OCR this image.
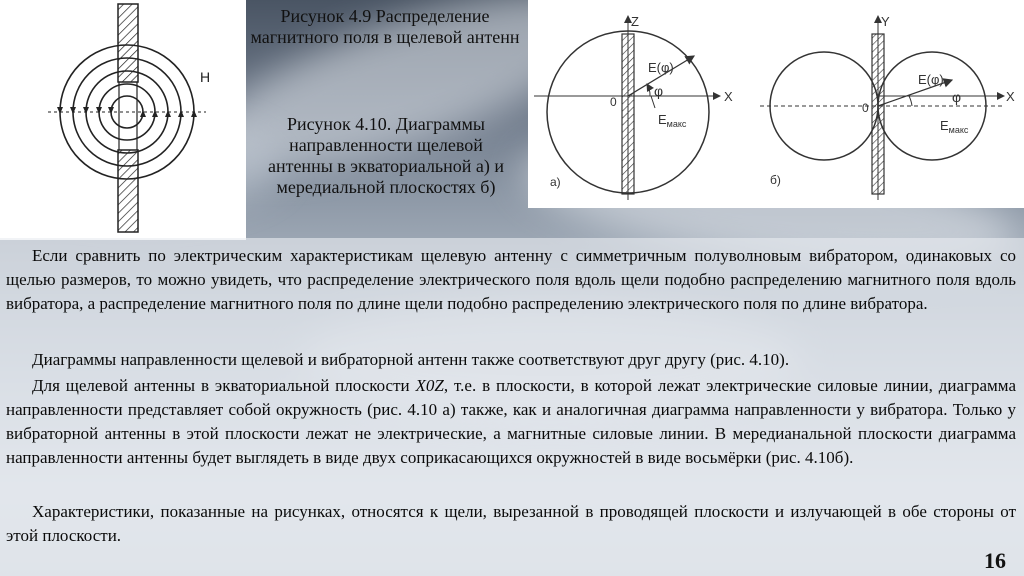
H
Z
X
0
E(φ)
φ
$E_{макс}$
а)
Y
X
0
E(φ)
φ
$E_{макс}$
б)
Рисунок 4.9 Распределение магнитного поля в щелевой антенн
Рисунок 4.10. Диаграммы направленности щелевой антенны в экваториальной а) и мередиальной плоскостях б)

Если сравнить по электрическим характеристикам щелевую антенну с симметричным полуволновым вибратором, одинаковых со щелью размеров, то можно увидеть, что распределение электрического поля вдоль щели подобно распределению магнитного поля вдоль вибратора, а распределение магнитного поля по длине щели подобно распределению электрического поля по длине вибратора.

Диаграммы направленности щелевой и вибраторной антенн также соответствуют друг другу (рис. 4.10).

Для щелевой антенны в экваториальной плоскости X0Z, т.е. в плоскости, в которой лежат электрические силовые линии, диаграмма направленности представляет собой окружность (рис. 4.10 а) также, как и аналогичная диаграмма направленности у вибратора. Только у вибраторной антенны в этой плоскости лежат не электрические, а магнитные силовые линии. В мередианальной плоскости диаграмма направленности антенны будет выглядеть в виде двух соприкасающихся окружностей в виде восьмёрки (рис. 4.10б).

Характеристики, показанные на рисунках, относятся к щели, вырезанной в проводящей плоскости и излучающей в обе стороны от этой плоскости.

16
